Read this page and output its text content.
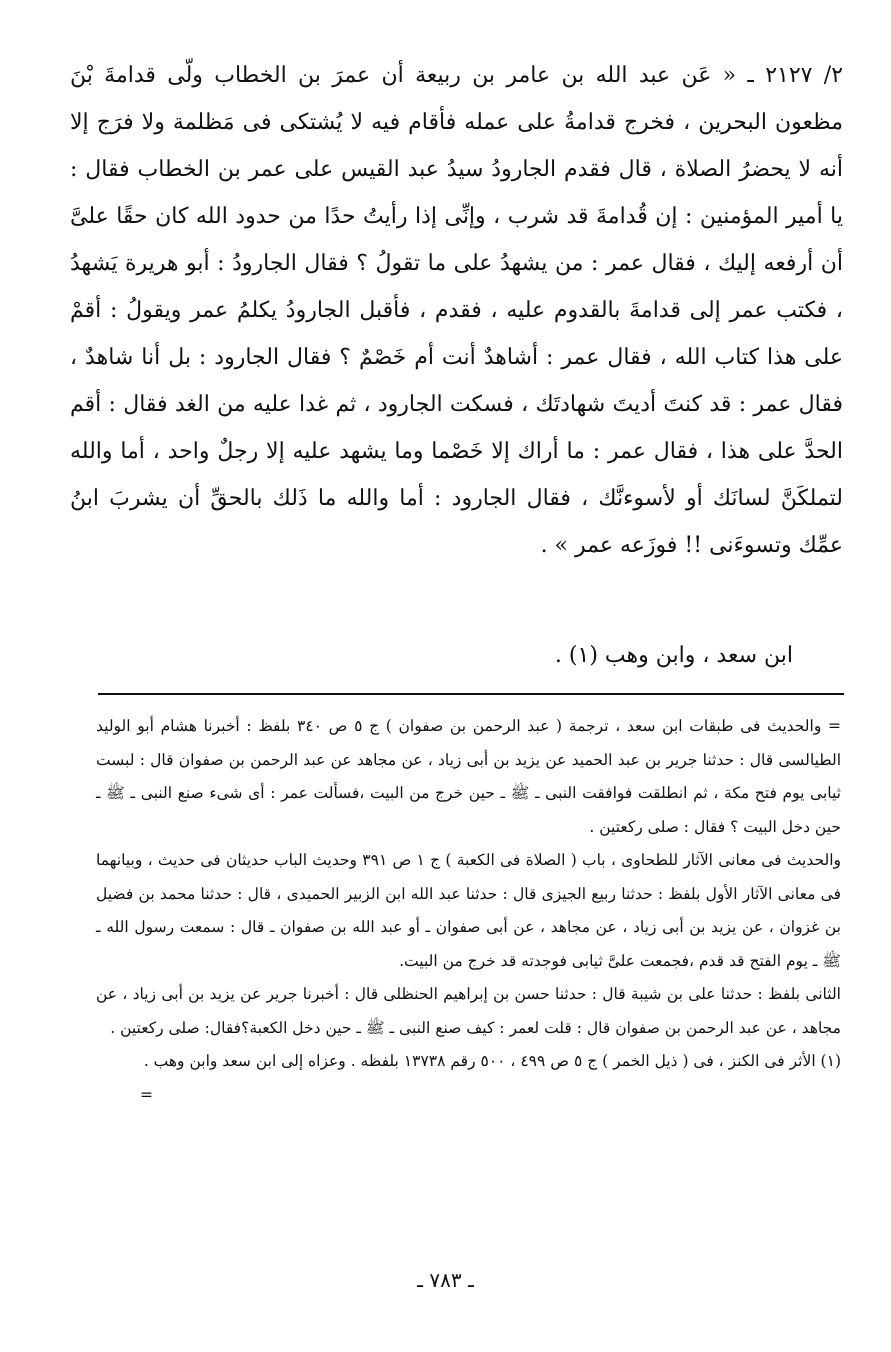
٢/ ٢١٢٧ ـ « عَن عبد الله بن عامر بن ربيعة أن عمرَ بن الخطاب ولّى قدامةَ بْنَ مظعون البحرين ، فخرج قدامةُ على عمله فأقام فيه لا يُشتكى فى مَظلمة ولا فرَج إلا أنه لا يحضرُ الصلاة ، قال فقدم الجارودُ سيدُ عبد القيس على عمر بن الخطاب فقال : يا أمير المؤمنين : إن قُدامةَ قد شرب ، وإنِّى إذا رأيتُ حدًا من حدود الله كان حقًا علىَّ أن أرفعه إليك ، فقال عمر : من يشهدُ على ما تقولُ ؟ فقال الجارودُ : أبو هريرة يَشهدُ ، فكتب عمر إلى قدامةَ بالقدوم عليه ، فقدم ، فأقبل الجارودُ يكلمُ عمر ويقولُ : أقمْ على هذا كتاب الله ، فقال عمر : أشاهدٌ أنت أم خَصْمٌ ؟ فقال الجارود : بل أنا شاهدٌ ، فقال عمر : قد كنتَ أديتَ شهادتَك ، فسكت الجارود ، ثم غدا عليه من الغد فقال : أقم الحدَّ على هذا ، فقال عمر : ما أراك إلا خَصْما وما يشهد عليه إلا رجلٌ واحد ، أما والله لتملكَنَّ لسانَك أو لأسوءنَّك ، فقال الجارود : أما والله ما ذَلك بالحقِّ أن يشربَ ابنُ عمِّك وتسوءَنى !! فوزَعه عمر » .

ابن سعد ، وابن وهب (١) .

= والحديث فى طبقات ابن سعد ، ترجمة ( عبد الرحمن بن صفوان ) ج ٥ ص ٣٤٠ بلفظ : أخبرنا هشام أبو الوليد الطيالسى قال : حدثنا جرير بن عبد الحميد عن يزيد بن أبى زياد ، عن مجاهد عن عبد الرحمن بن صفوان قال : لبست ثيابى يوم فتح مكة ، ثم انطلقت فوافقت النبى ـ ﷺ ـ حين خرج من البيت ،فسألت عمر : أى شىء صنع النبى ـ ﷺ ـ حين دخل البيت ؟ فقال : صلى ركعتين .

والحديث فى معانى الآثار للطحاوى ، باب ( الصلاة فى الكعبة ) ج ١ ص ٣٩١ وحديث الباب حديثان فى حديث ، وبيانهما فى معانى الآثار الأول بلفظ : حدثنا ربيع الجيزى قال : حدثنا عبد الله ابن الزبير الحميدى ، قال : حدثنا محمد بن فضيل بن غزوان ، عن يزيد بن أبى زياد ، عن مجاهد ، عن أبى صفوان ـ أو عبد الله بن صفوان ـ قال : سمعت رسول الله ـ ﷺ ـ يوم الفتح قد قدم ،فجمعت علىَّ ثيابى فوجدته قد خرج من البيت.

الثانى بلفظ : حدثنا على بن شيبة قال : حدثنا حسن بن إبراهيم الحنظلى قال : أخبرنا جرير عن يزيد بن أبى زياد ، عن مجاهد ، عن عبد الرحمن بن صفوان قال : قلت لعمر : كيف صنع النبى ـ ﷺ ـ حين دخل الكعبة؟فقال: صلى ركعتين .

(١) الأثر فى الكنز ، فى ( ذيل الخمر ) ج ٥ ص ٤٩٩ ، ٥٠٠ رقم ١٣٧٣٨ بلفظه . وعزاه إلى ابن سعد وابن وهب .

=

ـ ٧٨٣ ـ
